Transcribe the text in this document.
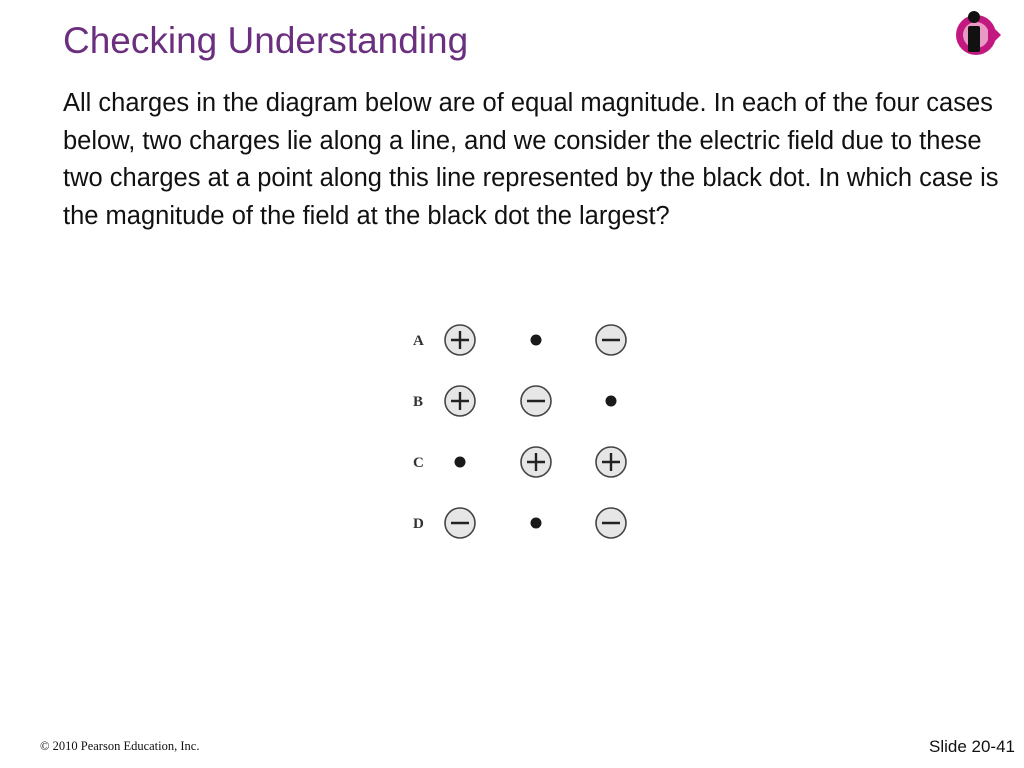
Checking Understanding

All charges in the diagram below are of equal magnitude. In each of the four cases below, two charges lie along a line, and we consider the electric field due to these two charges at a point along this line represented by the black dot. In which case is the magnitude of the field at the black dot the largest?

A
B
C
D
© 2010 Pearson Education, Inc.	Slide 20-41
